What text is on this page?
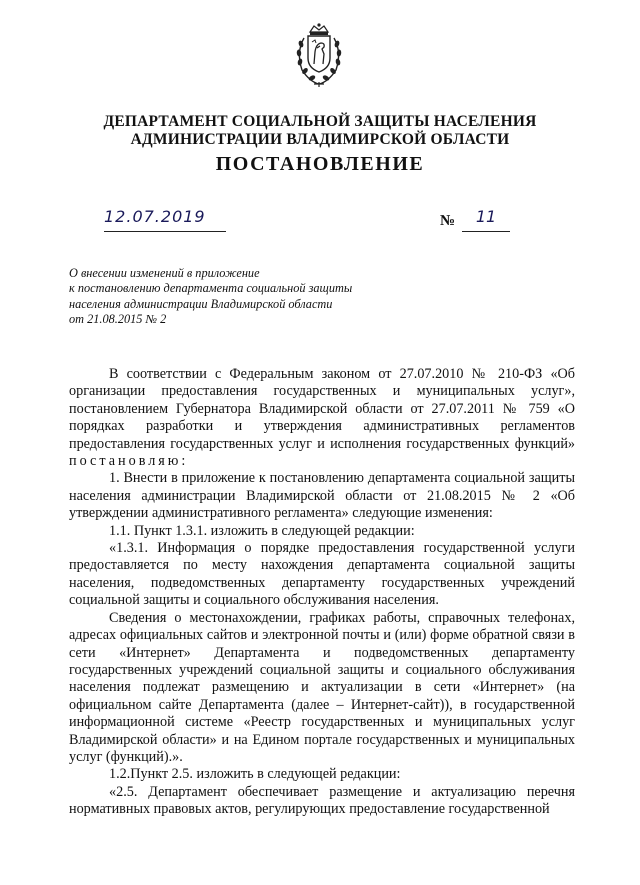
ДЕПАРТАМЕНТ СОЦИАЛЬНОЙ ЗАЩИТЫ НАСЕЛЕНИЯ
АДМИНИСТРАЦИИ ВЛАДИМИРСКОЙ ОБЛАСТИ
ПОСТАНОВЛЕНИЕ
12.07.2019	№	11
О внесении изменений в приложение
к постановлению департамента социальной защиты
населения администрации Владимирской области
от 21.08.2015 № 2

В соответствии с Федеральным законом от 27.07.2010 № 210-ФЗ «Об организации предоставления государственных и муниципальных услуг», постановлением Губернатора Владимирской области от 27.07.2011 № 759 «О порядках разработки и утверждения административных регламентов предоставления государственных услуг и исполнения государственных функций» постановляю:

1. Внести в приложение к постановлению департамента социальной защиты населения администрации Владимирской области от 21.08.2015 № 2 «Об утверждении административного регламента» следующие изменения:

1.1. Пункт 1.3.1. изложить в следующей редакции:

«1.3.1. Информация о порядке предоставления государственной услуги предоставляется по месту нахождения департамента социальной защиты населения, подведомственных департаменту государственных учреждений социальной защиты и социального обслуживания населения.

Сведения о местонахождении, графиках работы, справочных телефонах, адресах официальных сайтов и электронной почты и (или) форме обратной связи в сети «Интернет» Департамента и подведомственных департаменту государственных учреждений социальной защиты и социального обслуживания населения подлежат размещению и актуализации в сети «Интернет» (на официальном сайте Департамента (далее – Интернет-сайт)), в государственной информационной системе «Реестр государственных и муниципальных услуг Владимирской области» и на Едином портале государственных и муниципальных услуг (функций).».

1.2.Пункт 2.5. изложить в следующей редакции:

«2.5. Департамент обеспечивает размещение и актуализацию перечня нормативных правовых актов, регулирующих предоставление государственной
